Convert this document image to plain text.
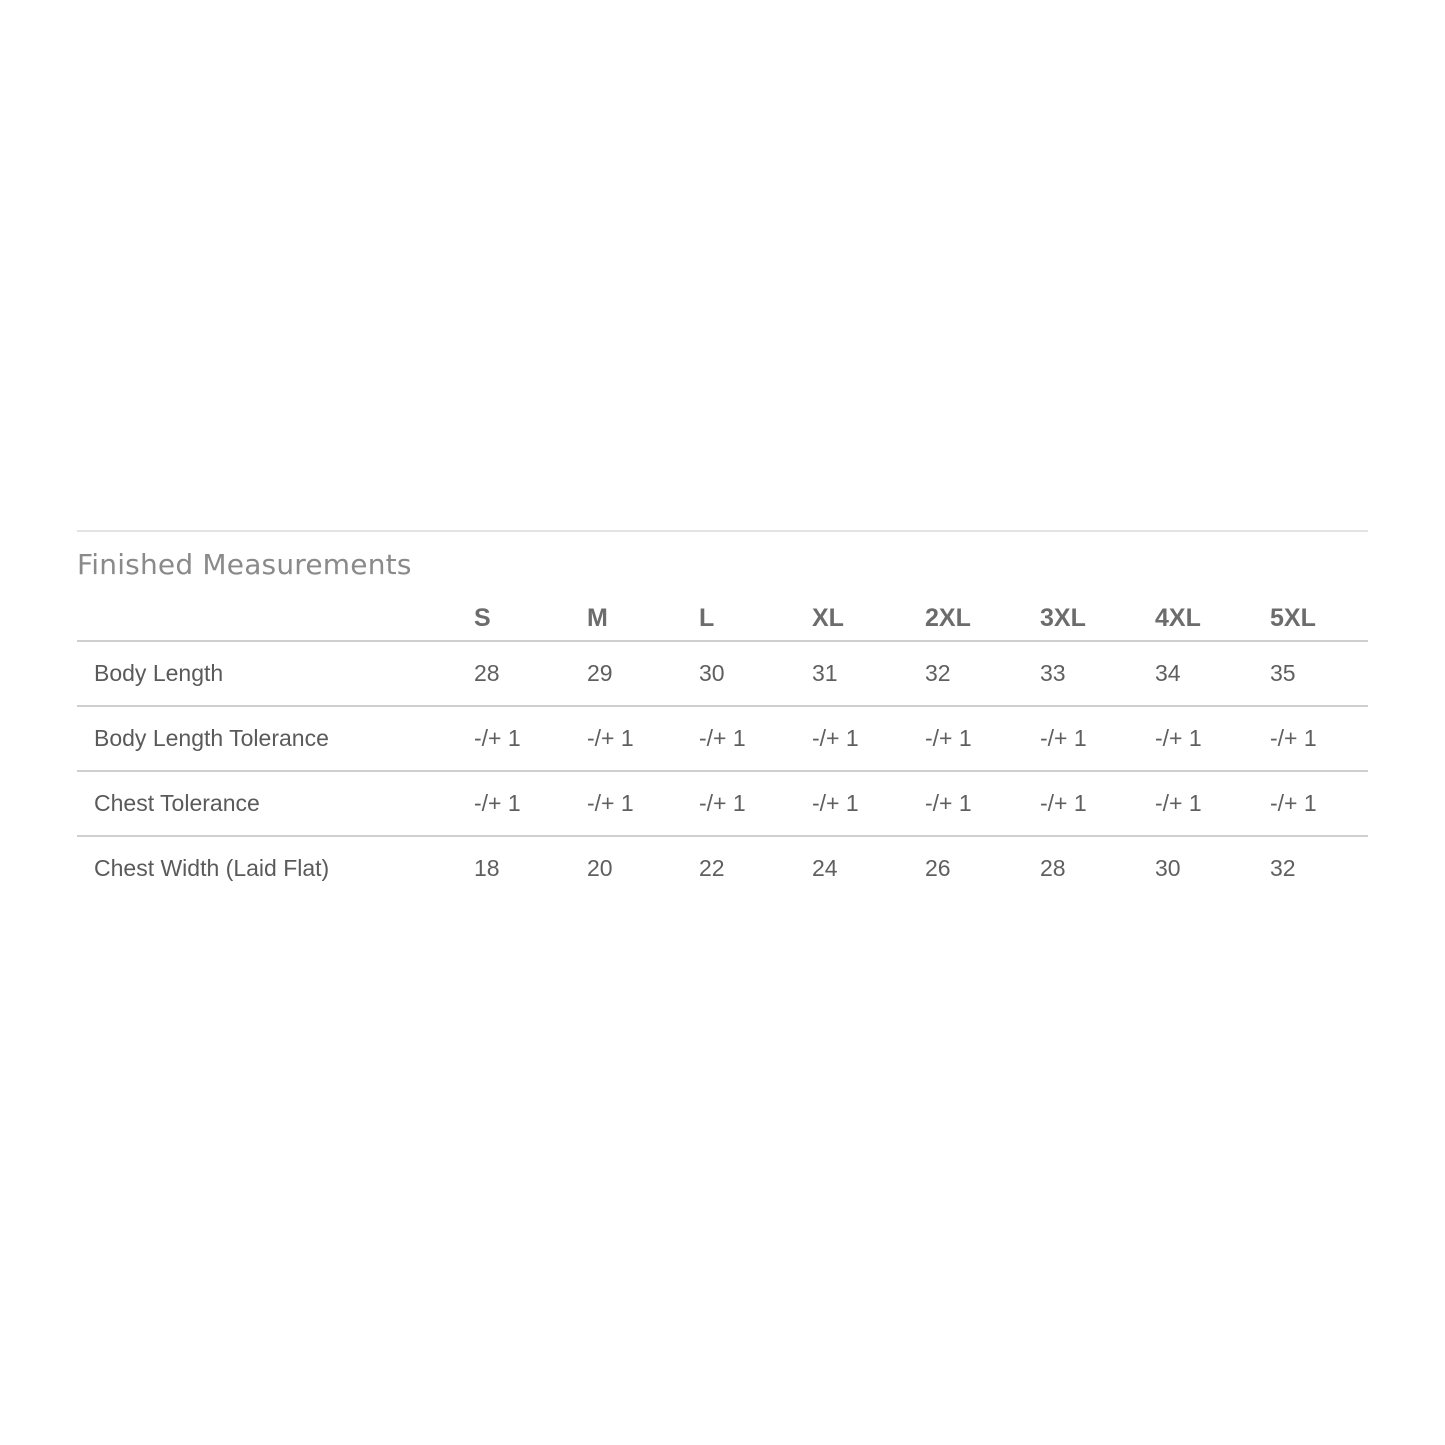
Finished Measurements
S	M	L	XL	2XL	3XL	4XL	5XL
Body Length	28	29	30	31	32	33	34	35
Body Length Tolerance	-/+ 1	-/+ 1	-/+ 1	-/+ 1	-/+ 1	-/+ 1	-/+ 1	-/+ 1
Chest Tolerance	-/+ 1	-/+ 1	-/+ 1	-/+ 1	-/+ 1	-/+ 1	-/+ 1	-/+ 1
Chest Width (Laid Flat)	18	20	22	24	26	28	30	32
